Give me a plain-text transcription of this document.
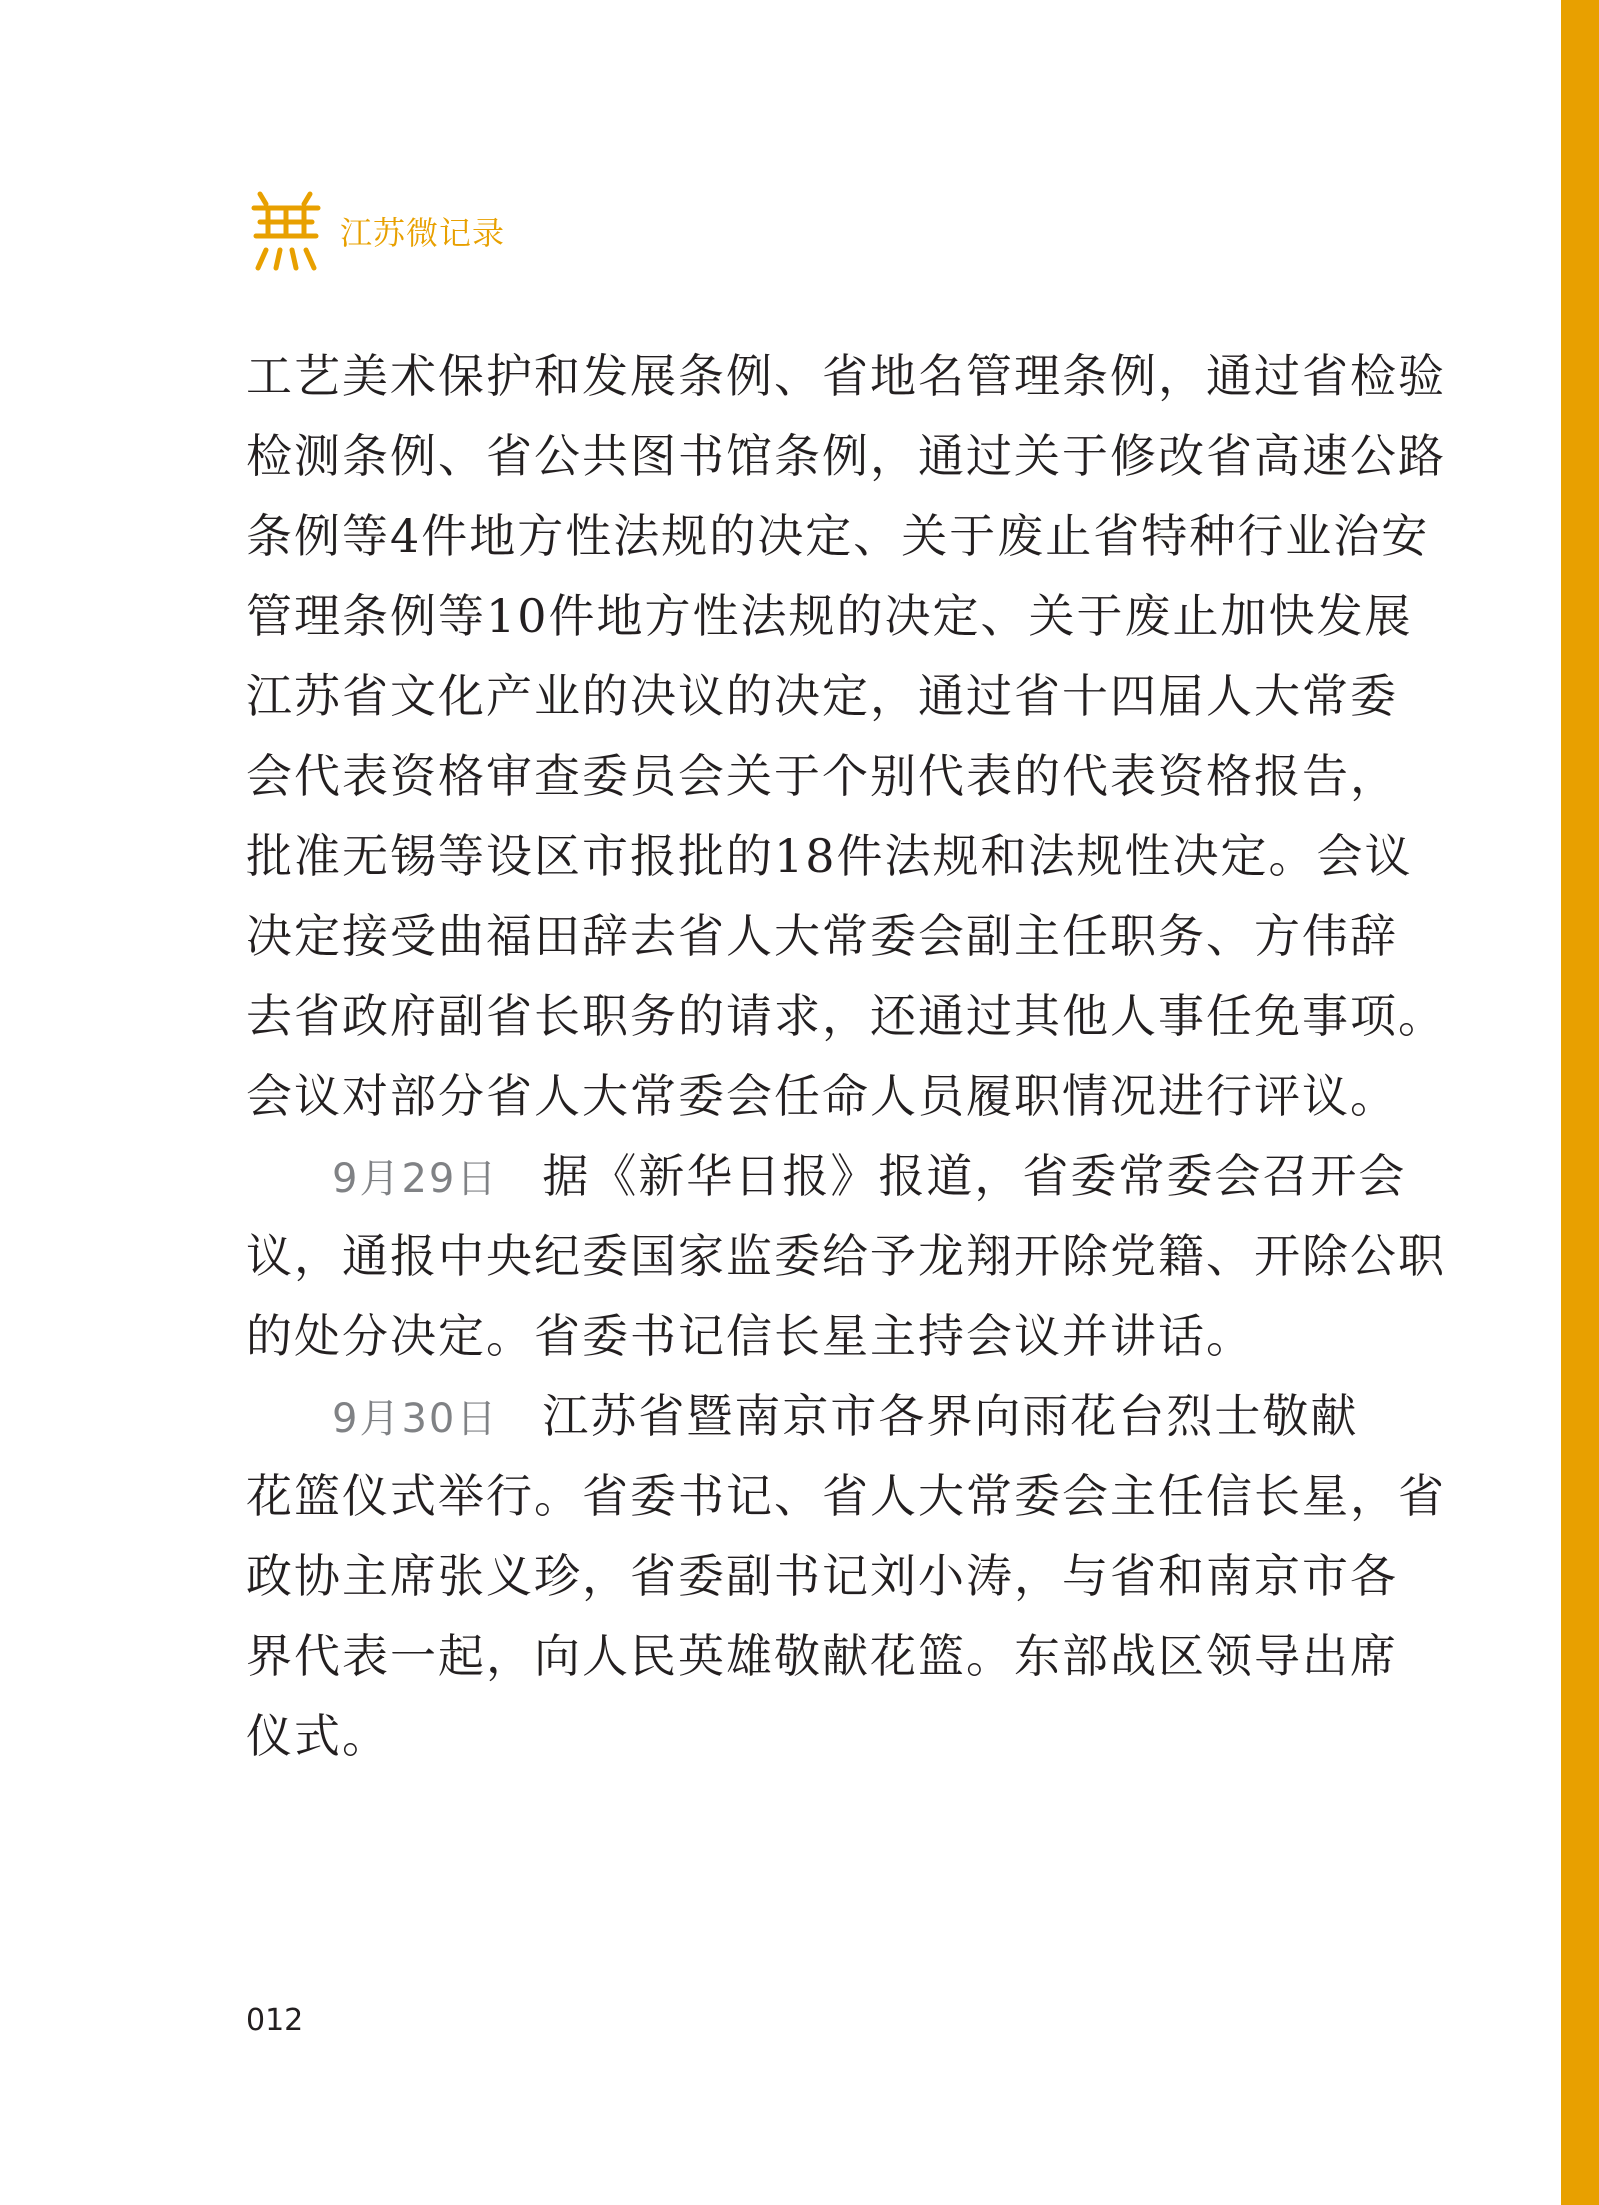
江苏微记录
工艺美术保护和发展条例、省地名管理条例，通过省检验
检测条例、省公共图书馆条例，通过关于修改省高速公路
条例等4件地方性法规的决定、关于废止省特种行业治安
管理条例等10件地方性法规的决定、关于废止加快发展
江苏省文化产业的决议的决定，通过省十四届人大常委
会代表资格审查委员会关于个别代表的代表资格报告，
批准无锡等设区市报批的18件法规和法规性决定。会议
决定接受曲福田辞去省人大常委会副主任职务、方伟辞
去省政府副省长职务的请求，还通过其他人事任免事项。
会议对部分省人大常委会任命人员履职情况进行评议。
9月29日 据《新华日报》报道，省委常委会召开会
议，通报中央纪委国家监委给予龙翔开除党籍、开除公职
的处分决定。省委书记信长星主持会议并讲话。
9月30日 江苏省暨南京市各界向雨花台烈士敬献
花篮仪式举行。省委书记、省人大常委会主任信长星，省
政协主席张义珍，省委副书记刘小涛，与省和南京市各
界代表一起，向人民英雄敬献花篮。东部战区领导出席
仪式。
012
